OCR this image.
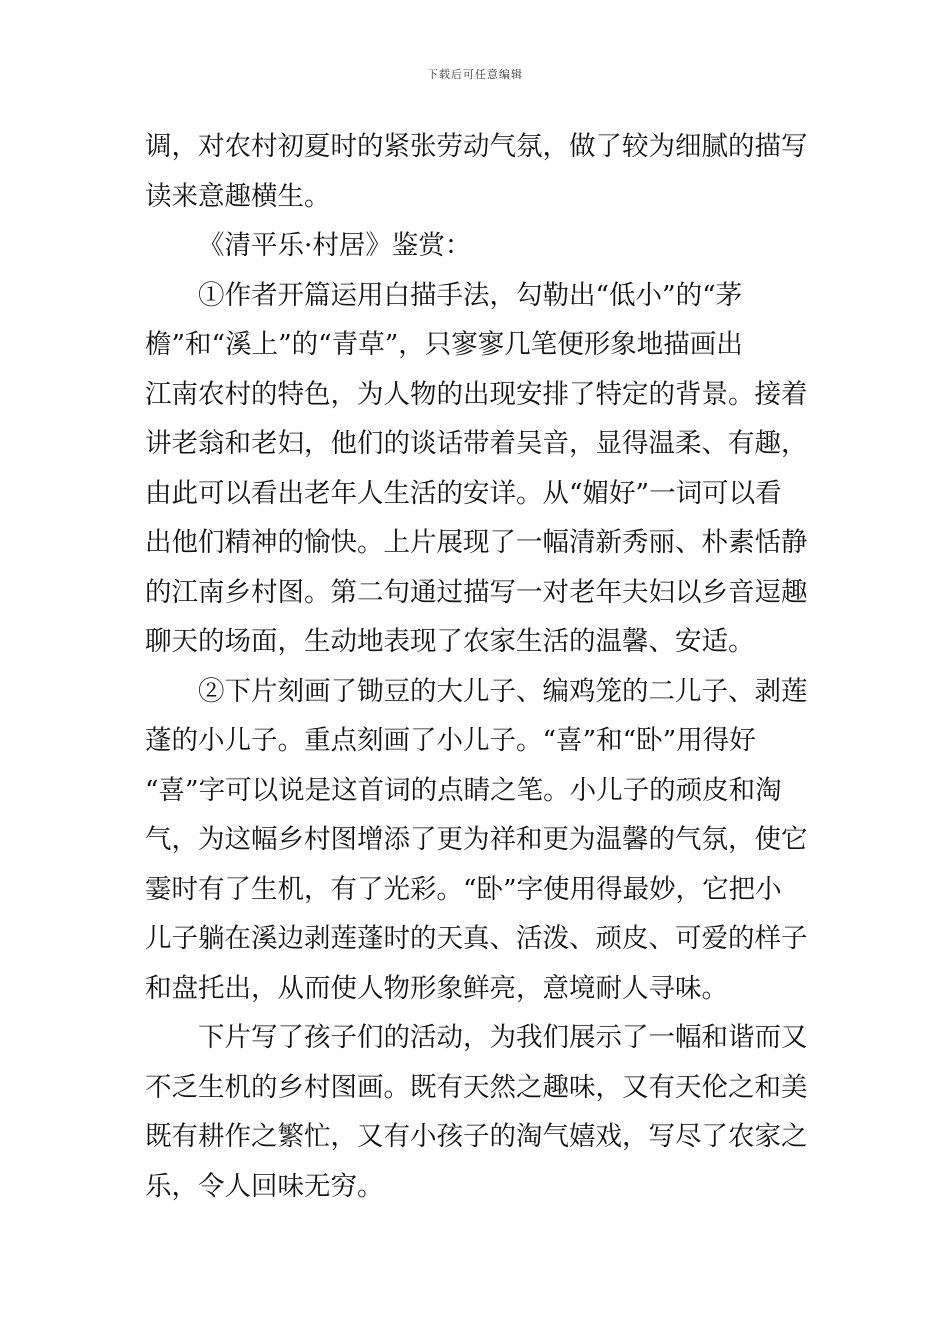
下载后可任意编辑
调，对农村初夏时的紧张劳动气氛，做了较为细腻的描写
读来意趣横生。
《清平乐·村居》鉴赏：
①作者开篇运用白描手法，勾勒出“低小”的“茅
檐”和“溪上”的“青草”，只寥寥几笔便形象地描画出
江南农村的特色，为人物的出现安排了特定的背景。接着
讲老翁和老妇，他们的谈话带着吴音，显得温柔、有趣，
由此可以看出老年人生活的安详。从“媚好”一词可以看
出他们精神的愉快。上片展现了一幅清新秀丽、朴素恬静
的江南乡村图。第二句通过描写一对老年夫妇以乡音逗趣
聊天的场面，生动地表现了农家生活的温馨、安适。
②下片刻画了锄豆的大儿子、编鸡笼的二儿子、剥莲
蓬的小儿子。重点刻画了小儿子。“喜”和“卧”用得好
“喜”字可以说是这首词的点睛之笔。小儿子的顽皮和淘
气，为这幅乡村图增添了更为祥和更为温馨的气氛，使它
霎时有了生机，有了光彩。“卧”字使用得最妙，它把小
儿子躺在溪边剥莲蓬时的天真、活泼、顽皮、可爱的样子
和盘托出，从而使人物形象鲜亮，意境耐人寻味。
下片写了孩子们的活动，为我们展示了一幅和谐而又
不乏生机的乡村图画。既有天然之趣味，又有天伦之和美
既有耕作之繁忙，又有小孩子的淘气嬉戏，写尽了农家之
乐，令人回味无穷。
